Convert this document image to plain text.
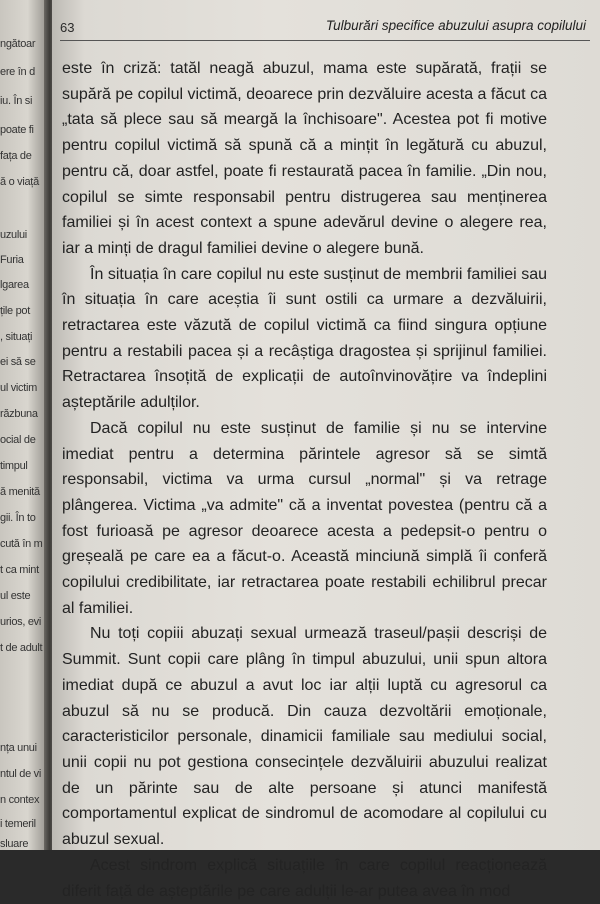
ngătoar
ere în d
iu. În si
poate fi
fața de
ă o viață
uzului
Furia
lgarea
țile pot
, situați
ei să se
ul victim
răzbuna
ocial de
timpul
ă menită
gii. În to
cută în m
t ca mint
ul este
urios, evi
t de adult
nța unui
ntul de vi
n contex
i temeril
sluare
63	Tulburări specifice abuzului asupra copilului

este în criză: tatăl neagă abuzul, mama este supărată, frații se supără pe copilul victimă, deoarece prin dezvăluire acesta a făcut ca „tata să plece sau să meargă la închisoare". Acestea pot fi motive pentru copilul victimă să spună că a mințit în legătură cu abuzul, pentru că, doar astfel, poate fi restaurată pacea în familie. „Din nou, copilul se simte responsabil pentru distrugerea sau menținerea familiei și în acest context a spune adevărul devine o alegere rea, iar a minți de dragul familiei devine o alegere bună.

În situația în care copilul nu este susținut de membrii familiei sau în situația în care aceștia îi sunt ostili ca urmare a dezvăluirii, retractarea este văzută de copilul victimă ca fiind singura opțiune pentru a restabili pacea și a recâștiga dragostea și sprijinul familiei. Retractarea însoțită de explicații de autoînvinovățire va îndeplini așteptările adulților.

Dacă copilul nu este susținut de familie și nu se intervine imediat pentru a determina părintele agresor să se simtă responsabil, victima va urma cursul „normal" și va retrage plângerea. Victima „va admite" că a inventat povestea (pentru că a fost furioasă pe agresor deoarece acesta a pedepsit-o pentru o greșeală pe care ea a făcut-o. Această minciună simplă îi conferă copilului credibilitate, iar retractarea poate restabili echilibrul precar al familiei.

Nu toți copiii abuzați sexual urmează traseul/pașii descriși de Summit. Sunt copii care plâng în timpul abuzului, unii spun altora imediat după ce abuzul a avut loc iar alții luptă cu agresorul ca abuzul să nu se producă. Din cauza dezvoltării emoționale, caracteristicilor personale, dinamicii familiale sau mediului social, unii copii nu pot gestiona consecințele dezvăluirii abuzului realizat de un părinte sau de alte persoane și atunci manifestă comportamentul explicat de sindromul de acomodare al copilului cu abuzul sexual.

Acest sindrom explică situațiile în care copilul reacționează diferit față de așteptările pe care adulții le-ar putea avea în mod
